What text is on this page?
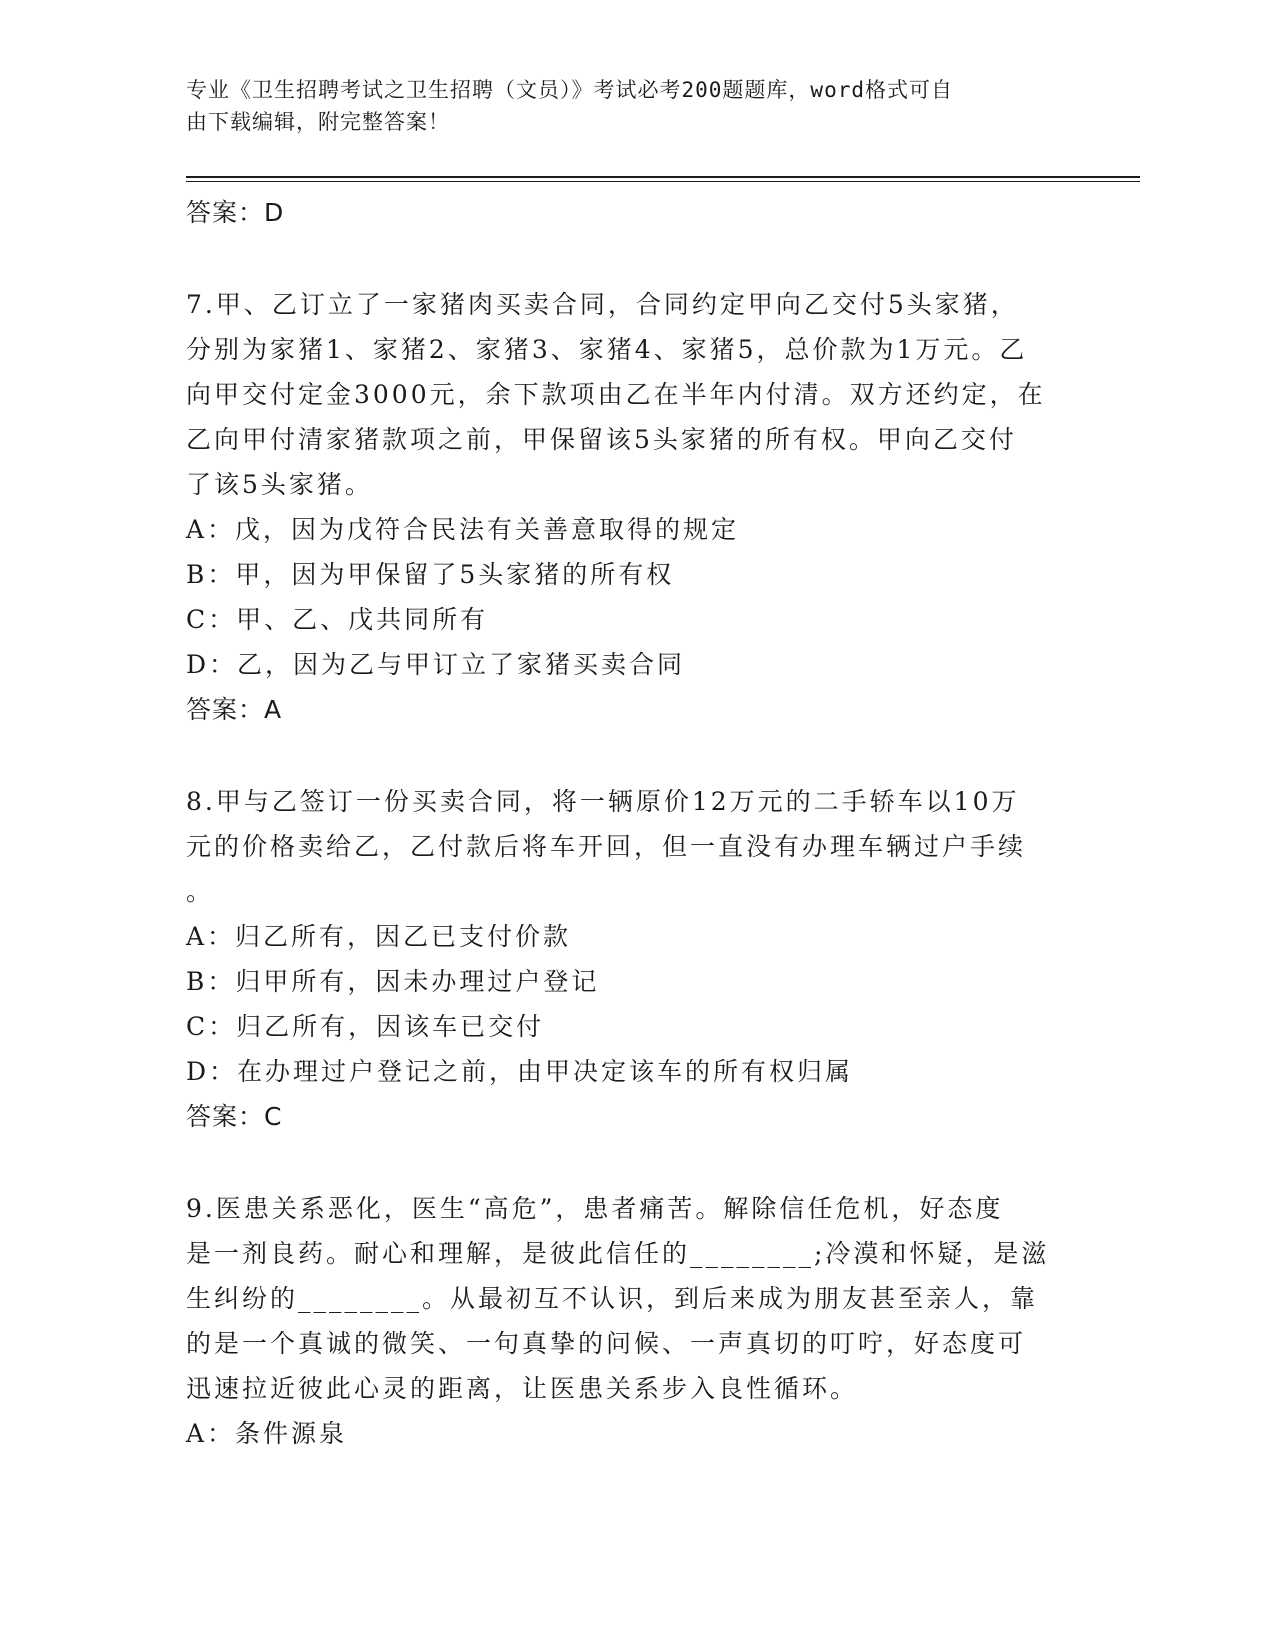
专业《卫生招聘考试之卫生招聘（文员）》考试必考200题题库，word格式可自
由下载编辑，附完整答案！

答案：D

7.甲、乙订立了一家猪肉买卖合同，合同约定甲向乙交付5头家猪，

分别为家猪1、家猪2、家猪3、家猪4、家猪5，总价款为1万元。乙

向甲交付定金3000元，余下款项由乙在半年内付清。双方还约定，在

乙向甲付清家猪款项之前，甲保留该5头家猪的所有权。甲向乙交付

了该5头家猪。

A：戊，因为戊符合民法有关善意取得的规定

B：甲，因为甲保留了5头家猪的所有权

C：甲、乙、戊共同所有

D：乙，因为乙与甲订立了家猪买卖合同

答案：A

8.甲与乙签订一份买卖合同，将一辆原价12万元的二手轿车以10万

元的价格卖给乙，乙付款后将车开回，但一直没有办理车辆过户手续

。

A：归乙所有，因乙已支付价款

B：归甲所有，因未办理过户登记

C：归乙所有，因该车已交付

D：在办理过户登记之前，由甲决定该车的所有权归属

答案：C

9.医患关系恶化，医生“高危”，患者痛苦。解除信任危机，好态度

是一剂良药。耐心和理解，是彼此信任的________;冷漠和怀疑，是滋

生纠纷的________。从最初互不认识，到后来成为朋友甚至亲人，靠

的是一个真诚的微笑、一句真挚的问候、一声真切的叮咛，好态度可

迅速拉近彼此心灵的距离，让医患关系步入良性循环。

A：条件源泉
